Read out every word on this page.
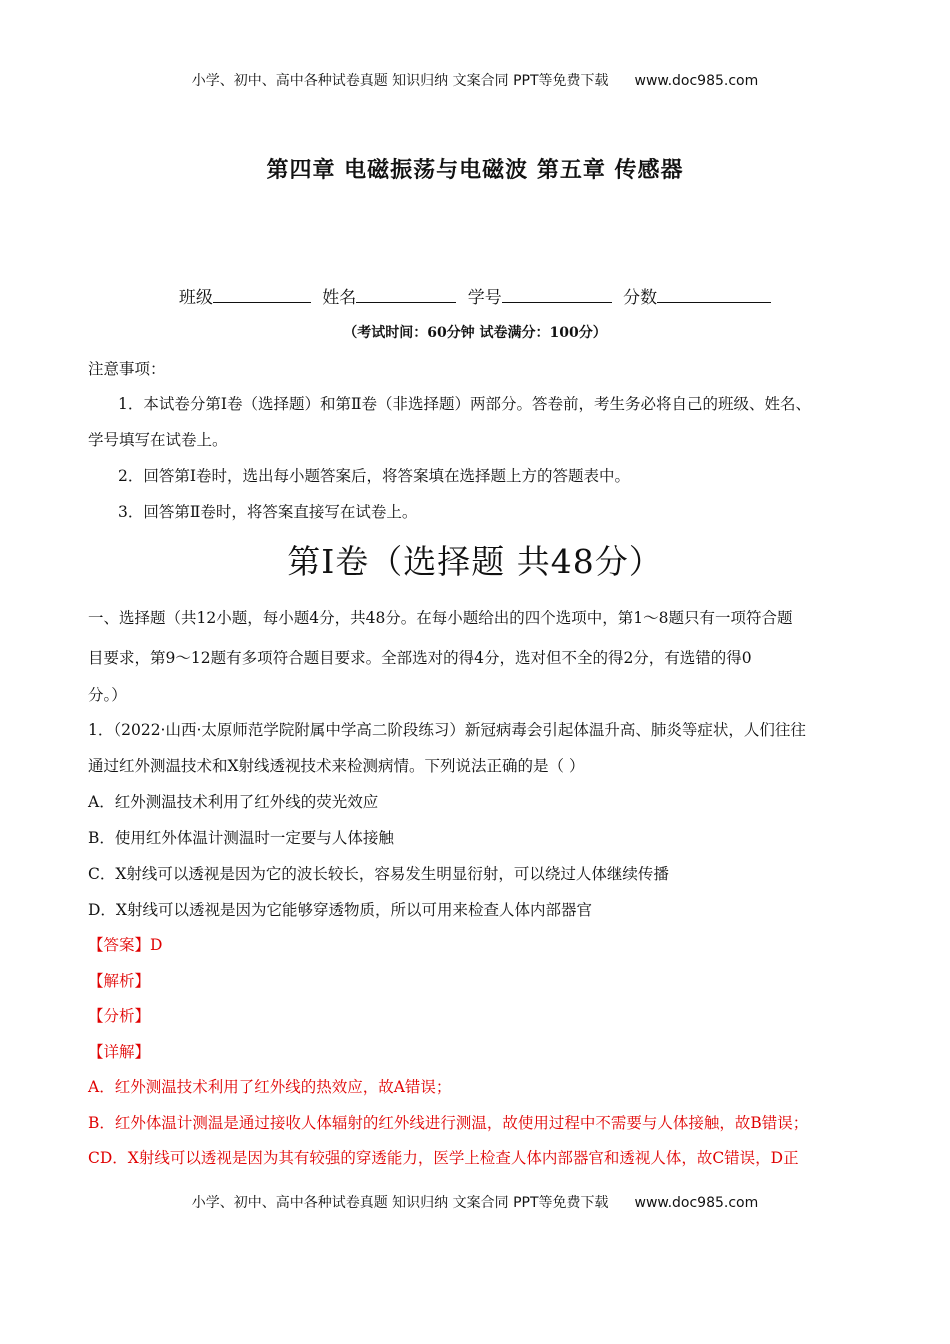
小学、初中、高中各种试卷真题 知识归纳 文案合同 PPT等免费下载 www.doc985.com
第四章 电磁振荡与电磁波 第五章 传感器
班级	姓名	学号	分数
（考试时间：60分钟 试卷满分：100分）
注意事项：
1．本试卷分第Ⅰ卷（选择题）和第Ⅱ卷（非选择题）两部分。答卷前，考生务必将自己的班级、姓名、
学号填写在试卷上。
2．回答第Ⅰ卷时，选出每小题答案后，将答案填在选择题上方的答题表中。
3．回答第Ⅱ卷时，将答案直接写在试卷上。
第Ⅰ卷（选择题 共48分）
一、选择题（共12小题，每小题4分，共48分。在每小题给出的四个选项中，第1～8题只有一项符合题
目要求，第9～12题有多项符合题目要求。全部选对的得4分，选对但不全的得2分，有选错的得0
分。）
1．（2022·山西·太原师范学院附属中学高二阶段练习）新冠病毒会引起体温升高、肺炎等症状，人们往往
通过红外测温技术和X射线透视技术来检测病情。下列说法正确的是（ ）
A．红外测温技术利用了红外线的荧光效应
B．使用红外体温计测温时一定要与人体接触
C．X射线可以透视是因为它的波长较长，容易发生明显衍射，可以绕过人体继续传播
D．X射线可以透视是因为它能够穿透物质，所以可用来检查人体内部器官
【答案】D
【解析】
【分析】
【详解】
A．红外测温技术利用了红外线的热效应，故A错误；
B．红外体温计测温是通过接收人体辐射的红外线进行测温，故使用过程中不需要与人体接触，故B错误；
CD．X射线可以透视是因为其有较强的穿透能力，医学上检查人体内部器官和透视人体，故C错误，D正
小学、初中、高中各种试卷真题 知识归纳 文案合同 PPT等免费下载 www.doc985.com
